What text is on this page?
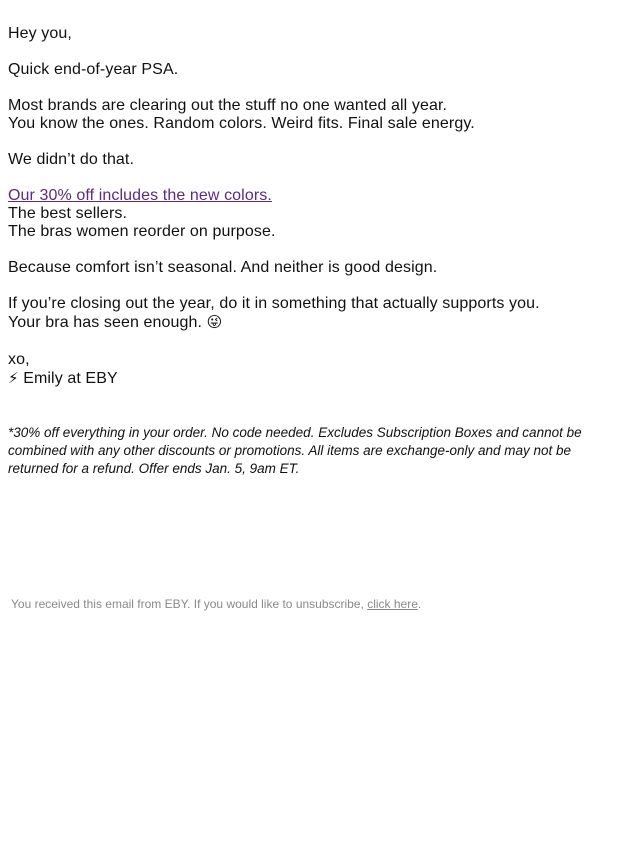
Hey you,

Quick end-of-year PSA.

Most brands are clearing out the stuff no one wanted all year.
You know the ones. Random colors. Weird fits. Final sale energy.

We didn’t do that.

Our 30% off includes the new colors.
The best sellers.
The bras women reorder on purpose.

Because comfort isn’t seasonal. And neither is good design.

If you’re closing out the year, do it in something that actually supports you.
Your bra has seen enough. 😜

xo,
⚡ Emily at EBY

*30% off everything in your order. No code needed. Excludes Subscription Boxes and cannot be combined with any other discounts or promotions. All items are exchange-only and may not be returned for a refund. Offer ends Jan. 5, 9am ET.
You received this email from EBY. If you would like to unsubscribe, click here.
